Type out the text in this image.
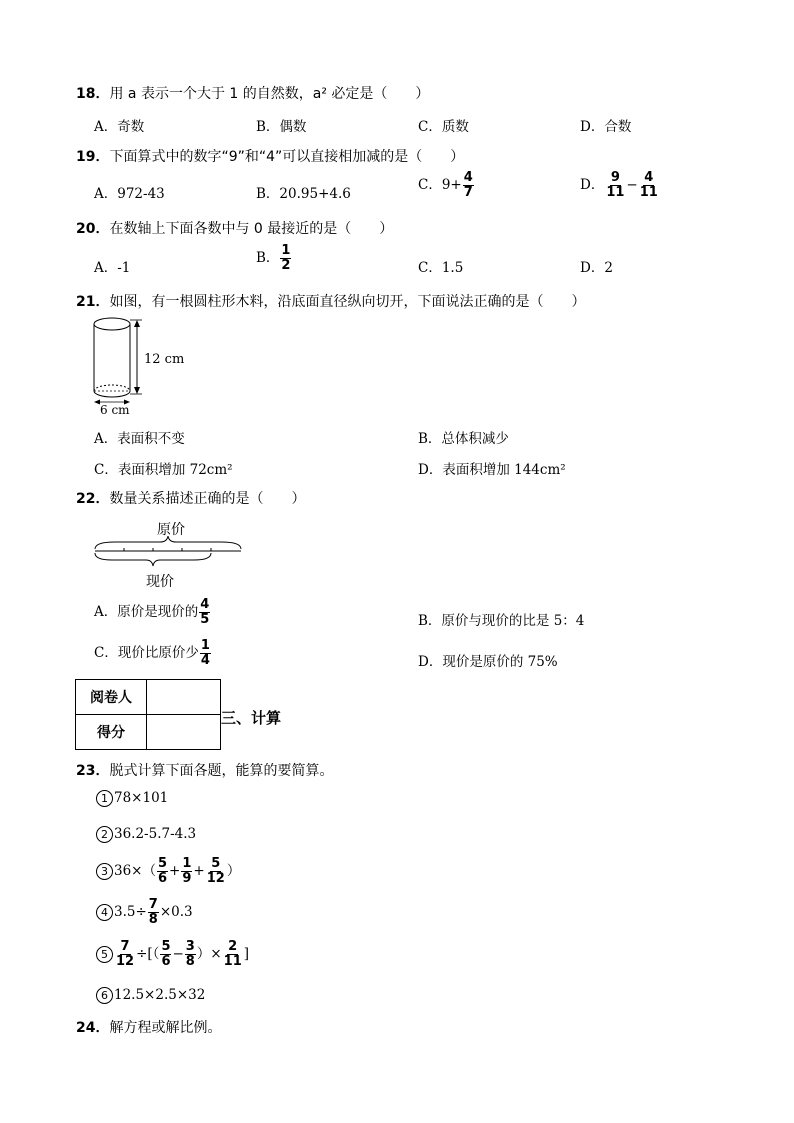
18．用 a 表示一个大于 1 的自然数，a² 必定是（　　）
A．奇数	B．偶数	C．质数	D．合数
19．下面算式中的数字“9”和“4”可以直接相加减的是（　　）
A．972-43	B．20.95+4.6
C．$9+ \frac{4}{7}$	D． $\frac{9}{11} - \frac{4}{11}$
20．在数轴上下面各数中与 0 最接近的是（　　）
A．-1
B． $\frac{1}{2}$	C．1.5	D．2
21．如图，有一根圆柱形木料，沿底面直径纵向切开，下面说法正确的是（　　）
12 cm
6 cm
A．表面积不变	B．总体积减少
C．表面积增加 72cm²	D．表面积增加 144cm²
22．数量关系描述正确的是（　　）
原价
现价
A．原价是现价的 $\frac{4}{5}$	B．原价与现价的比是 5：4
C．现价比原价少 $\frac{1}{4}$	D．现价是原价的 75%
阅卷人	
得分	
三、计算
23．脱式计算下面各题，能算的要简算。
1 78×101
2 36.2-5.7-4.3
3 $36\times( \frac{5}{6} + \frac{1}{9} + \frac{5}{12}$ ）
4 $3.5\div \frac{7}{8} \times 0.3$
$5 \frac{7}{12}$ ÷[（ $\frac{5}{6} - \frac{3}{8}$ ）× $\frac{2}{11}$ ]
6 12.5×2.5×32
24．解方程或解比例。
